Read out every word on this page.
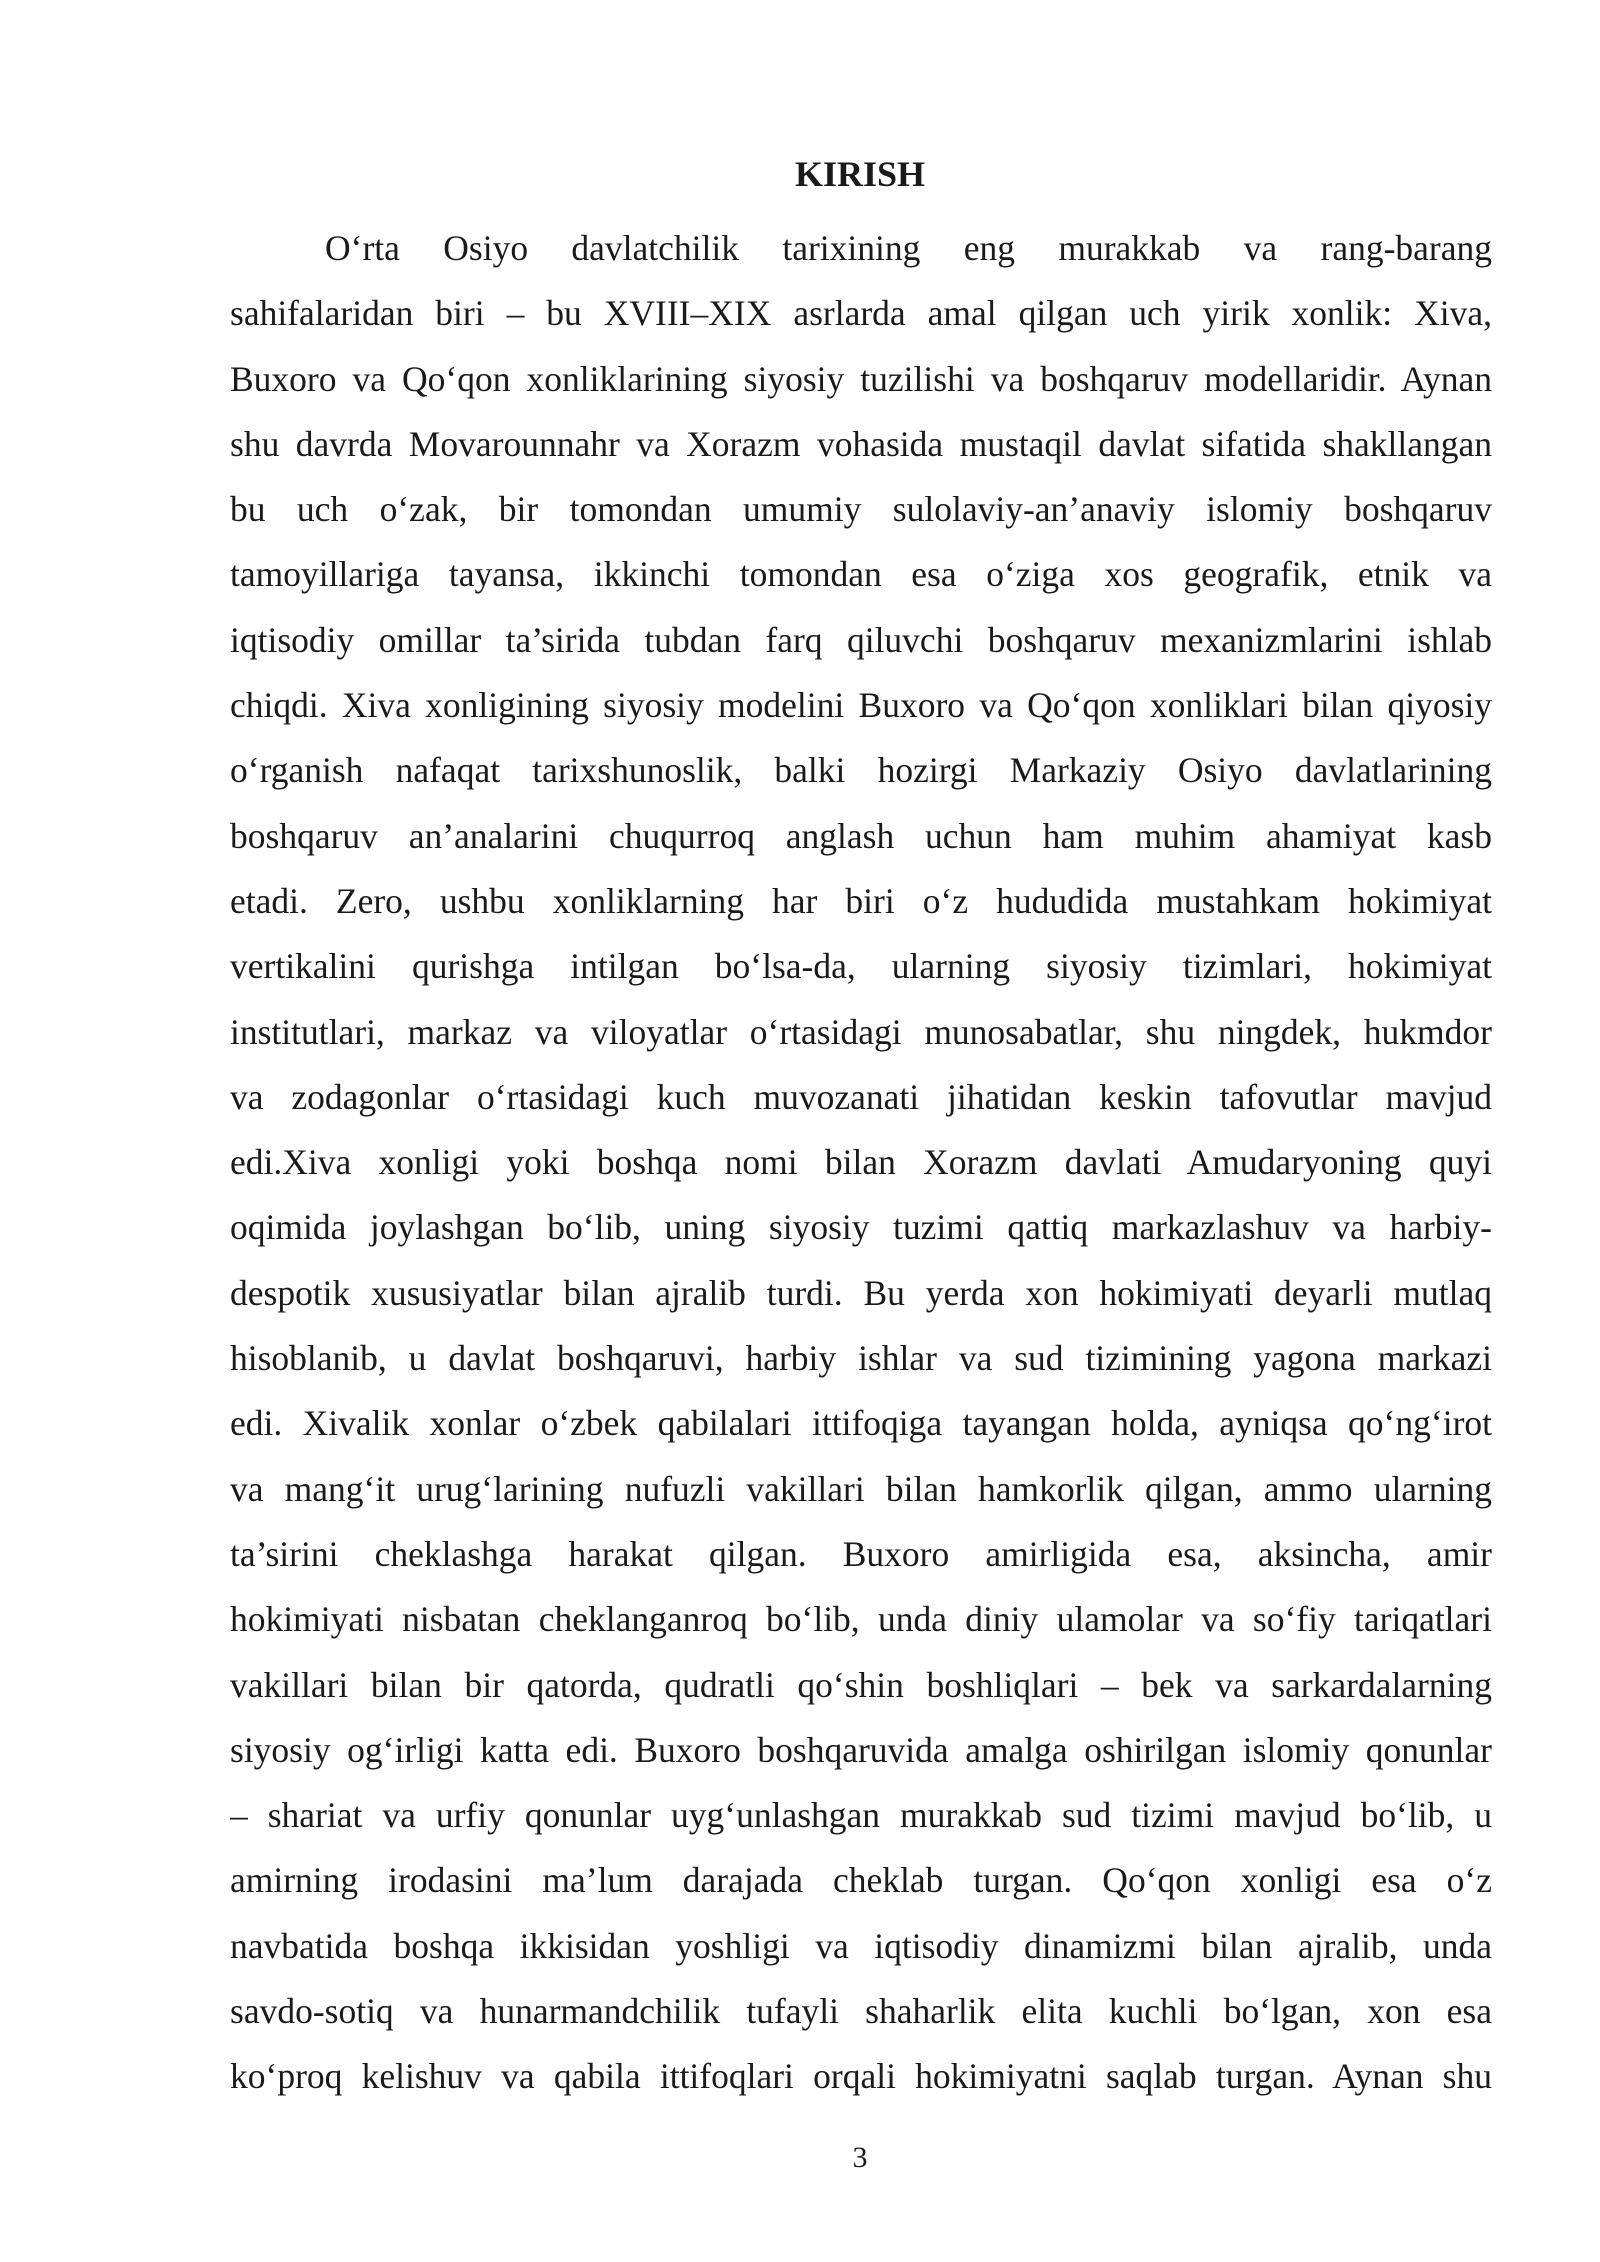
KIRISH
O‘rta Osiyo davlatchilik tarixining eng murakkab va rang-barang
sahifalaridan biri – bu XVIII–XIX asrlarda amal qilgan uch yirik xonlik: Xiva,
Buxoro va Qo‘qon xonliklarining siyosiy tuzilishi va boshqaruv modellaridir. Aynan
shu davrda Movarounnahr va Xorazm vohasida mustaqil davlat sifatida shakllangan
bu uch o‘zak, bir tomondan umumiy sulolaviy-an’anaviy islomiy boshqaruv
tamoyillariga tayansa, ikkinchi tomondan esa o‘ziga xos geografik, etnik va
iqtisodiy omillar ta’sirida tubdan farq qiluvchi boshqaruv mexanizmlarini ishlab
chiqdi. Xiva xonligining siyosiy modelini Buxoro va Qo‘qon xonliklari bilan qiyosiy
o‘rganish nafaqat tarixshunoslik, balki hozirgi Markaziy Osiyo davlatlarining
boshqaruv an’analarini chuqurroq anglash uchun ham muhim ahamiyat kasb
etadi. Zero, ushbu xonliklarning har biri o‘z hududida mustahkam hokimiyat
vertikalini qurishga intilgan bo‘lsa-da, ularning siyosiy tizimlari, hokimiyat
institutlari, markaz va viloyatlar o‘rtasidagi munosabatlar, shu ningdek, hukmdor
va zodagonlar o‘rtasidagi kuch muvozanati jihatidan keskin tafovutlar mavjud
edi.Xiva xonligi yoki boshqa nomi bilan Xorazm davlati Amudaryoning quyi
oqimida joylashgan bo‘lib, uning siyosiy tuzimi qattiq markazlashuv va harbiy-
despotik xususiyatlar bilan ajralib turdi. Bu yerda xon hokimiyati deyarli mutlaq
hisoblanib, u davlat boshqaruvi, harbiy ishlar va sud tizimining yagona markazi
edi. Xivalik xonlar o‘zbek qabilalari ittifoqiga tayangan holda, ayniqsa qo‘ng‘irot
va mang‘it urug‘larining nufuzli vakillari bilan hamkorlik qilgan, ammo ularning
ta’sirini cheklashga harakat qilgan. Buxoro amirligida esa, aksincha, amir
hokimiyati nisbatan cheklanganroq bo‘lib, unda diniy ulamolar va so‘fiy tariqatlari
vakillari bilan bir qatorda, qudratli qo‘shin boshliqlari – bek va sarkardalarning
siyosiy og‘irligi katta edi. Buxoro boshqaruvida amalga oshirilgan islomiy qonunlar
– shariat va urfiy qonunlar uyg‘unlashgan murakkab sud tizimi mavjud bo‘lib, u
amirning irodasini ma’lum darajada cheklab turgan. Qo‘qon xonligi esa o‘z
navbatida boshqa ikkisidan yoshligi va iqtisodiy dinamizmi bilan ajralib, unda
savdo-sotiq va hunarmandchilik tufayli shaharlik elita kuchli bo‘lgan, xon esa
ko‘proq kelishuv va qabila ittifoqlari orqali hokimiyatni saqlab turgan. Aynan shu
3
